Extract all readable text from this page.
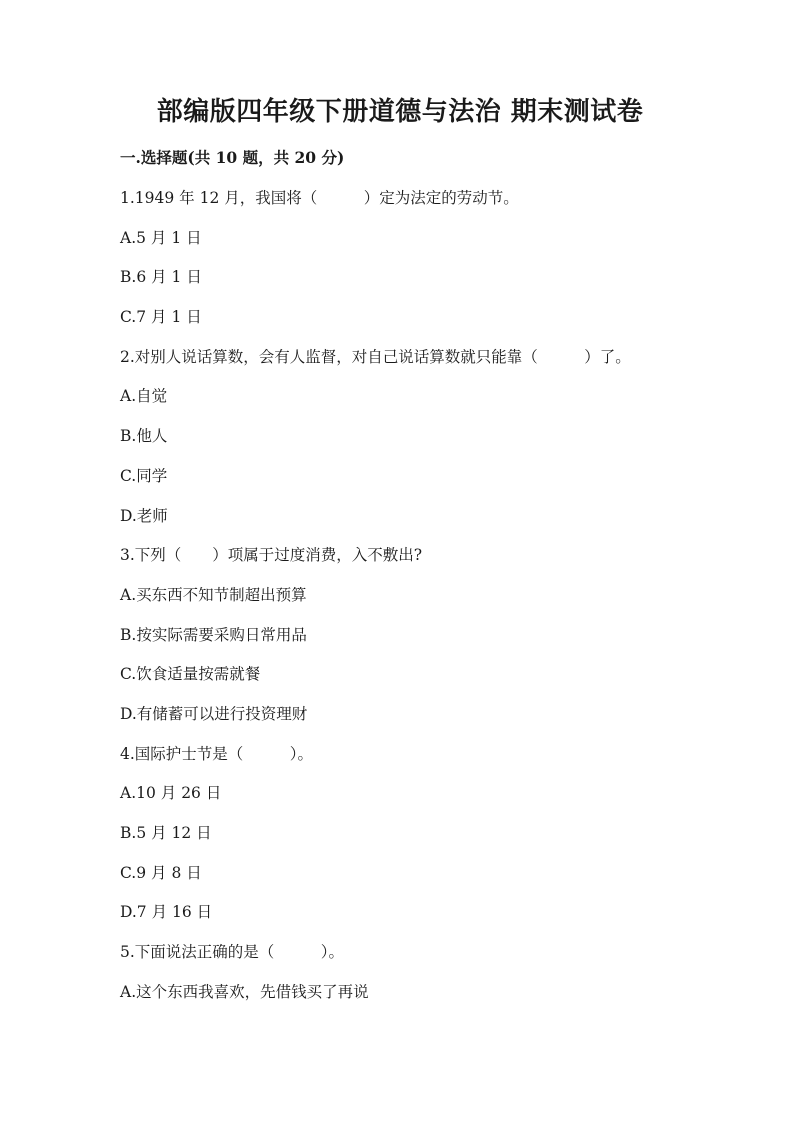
部编版四年级下册道德与法治 期末测试卷
一.选择题(共 10 题，共 20 分)
1.1949 年 12 月，我国将（　　　）定为法定的劳动节。
A.5 月 1 日
B.6 月 1 日
C.7 月 1 日
2.对别人说话算数，会有人监督，对自己说话算数就只能靠（　　　）了。
A.自觉
B.他人
C.同学
D.老师
3.下列（　　）项属于过度消费，入不敷出?
A.买东西不知节制超出预算
B.按实际需要采购日常用品
C.饮食适量按需就餐
D.有储蓄可以进行投资理财
4.国际护士节是（　　　）。
A.10 月 26 日
B.5 月 12 日
C.9 月 8 日
D.7 月 16 日
5.下面说法正确的是（　　　）。
A.这个东西我喜欢，先借钱买了再说
